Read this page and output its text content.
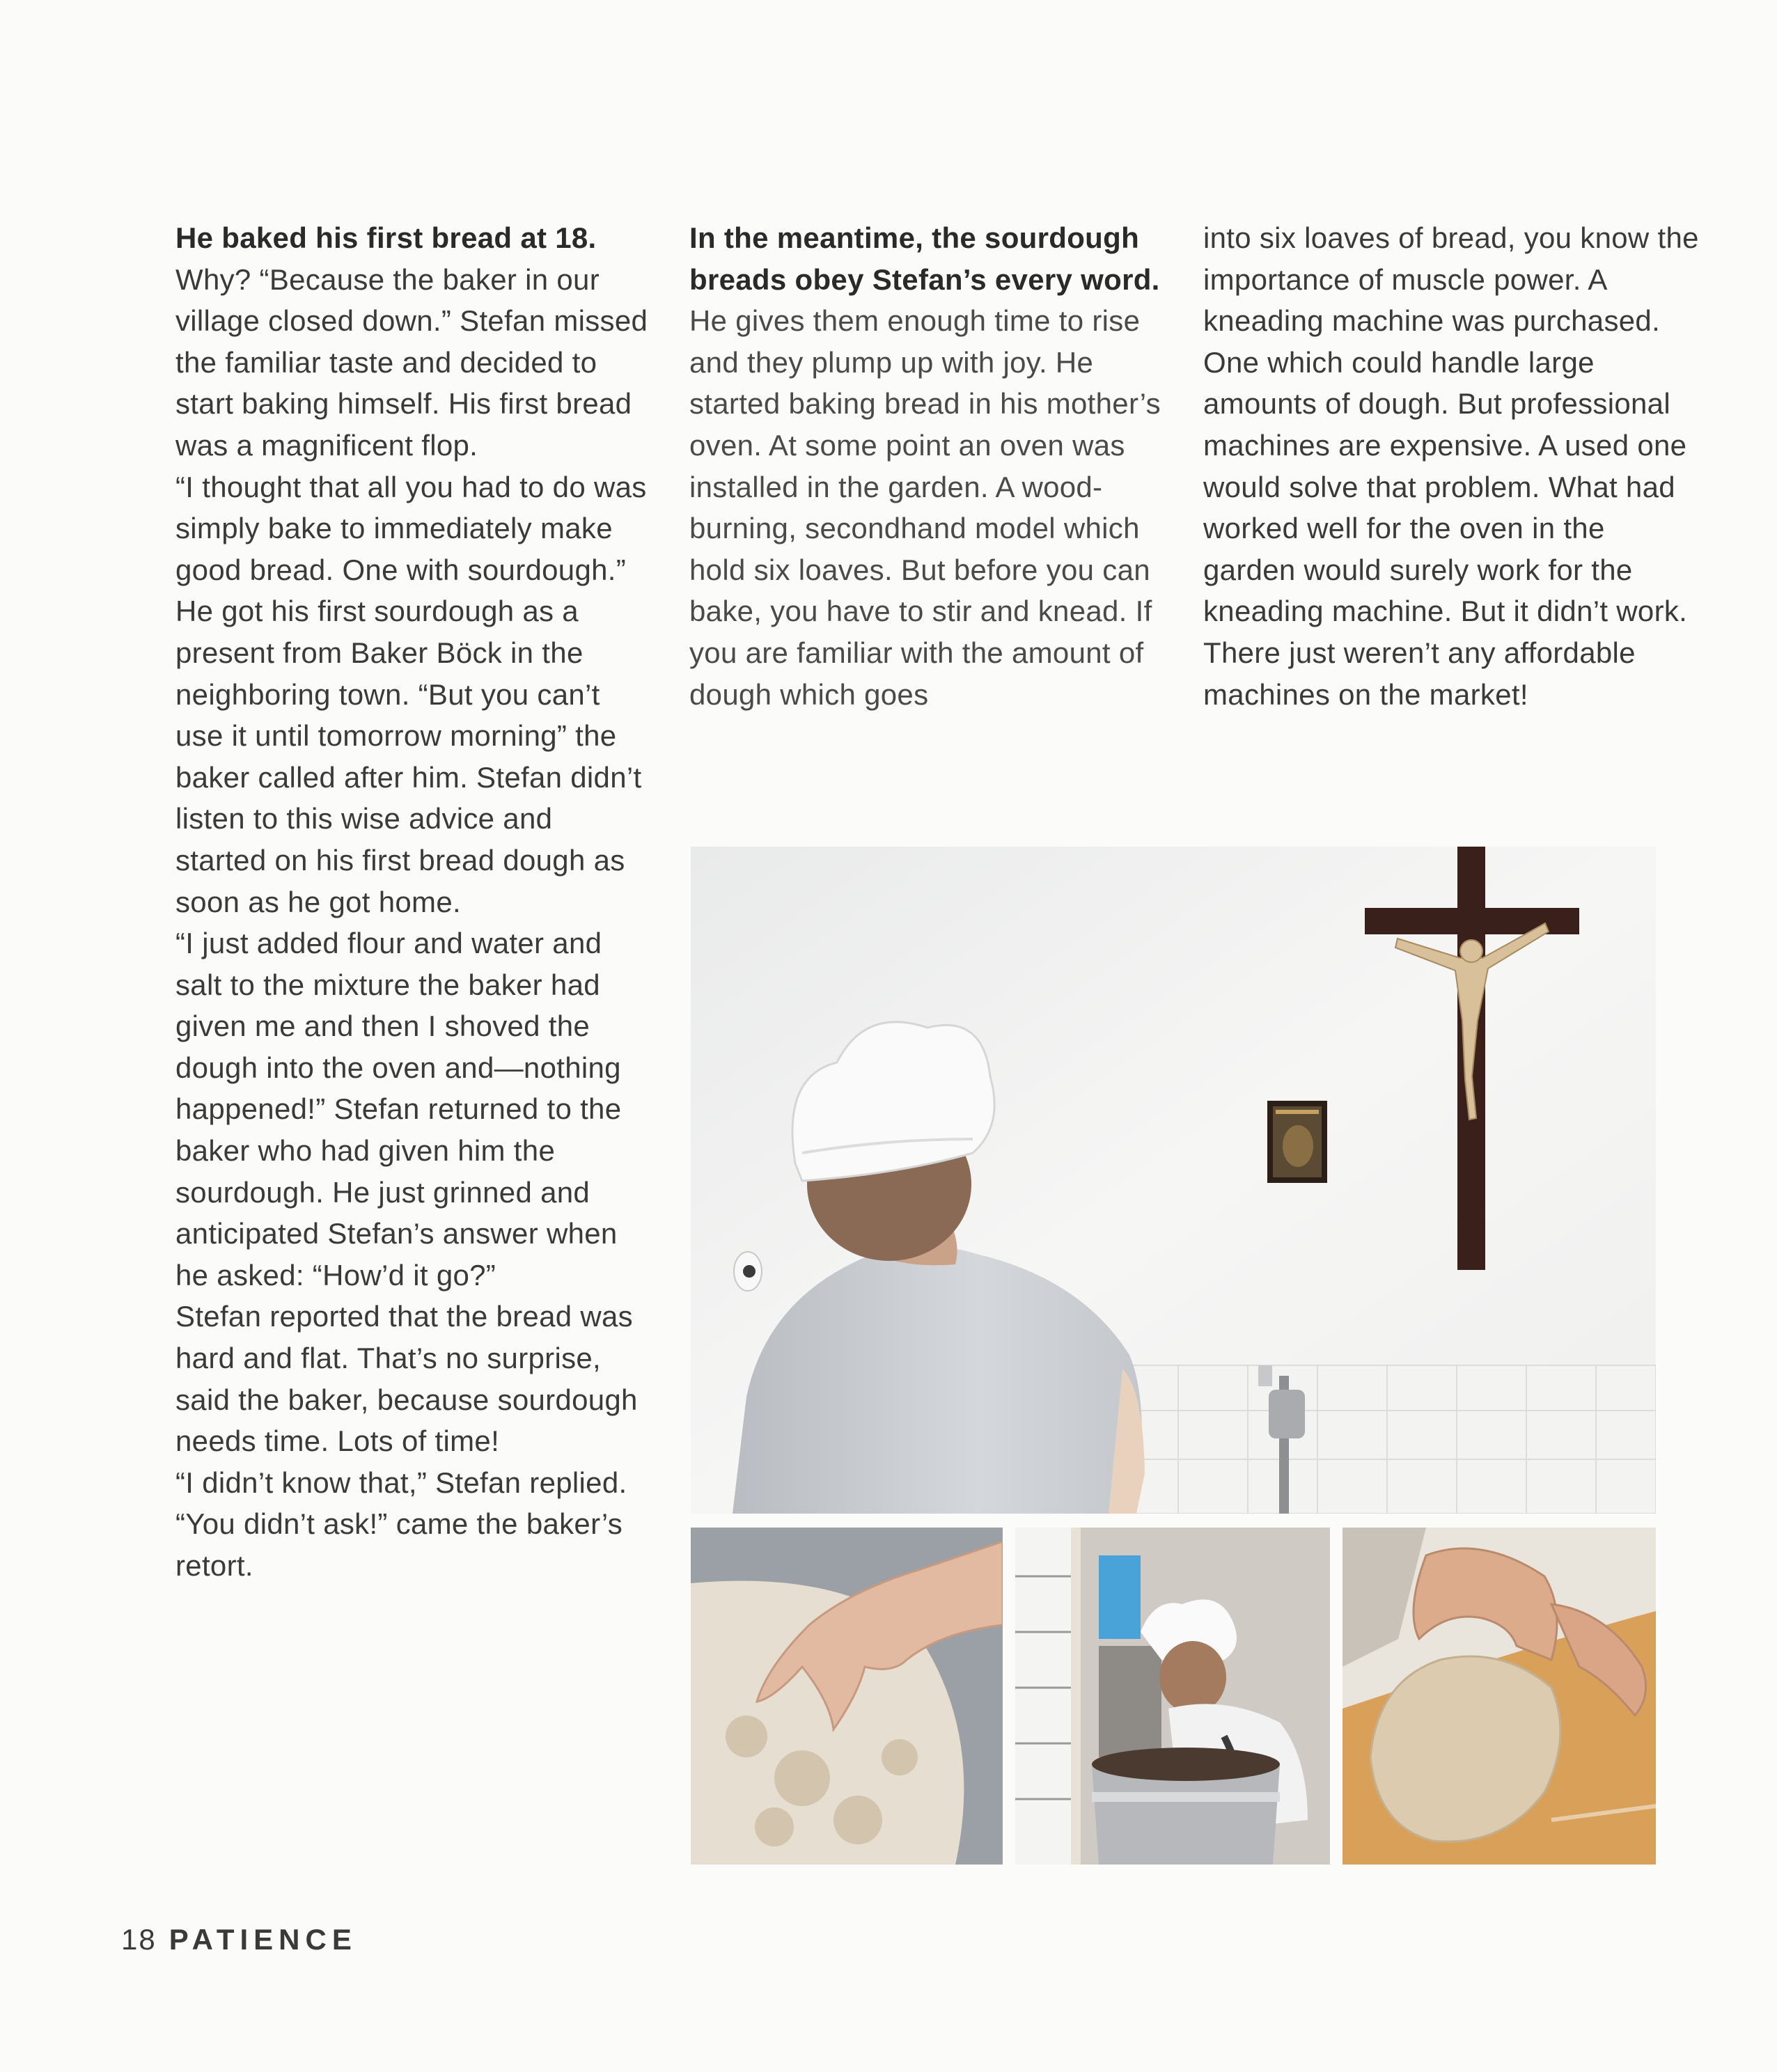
He baked his first bread at 18.

Why? “Because the baker in our village closed down.” Stefan missed the familiar taste and decided to start baking himself. His first bread was a magnificent flop.

“I thought that all you had to do was simply bake to immediately make good bread. One with sourdough.”

He got his first sourdough as a present from Baker Böck in the neighboring town. “But you can’t use it until tomorrow morning” the baker called after him. Stefan didn’t listen to this wise advice and started on his first bread dough as soon as he got home.

“I just added flour and water and salt to the mixture the baker had given me and then I shoved the dough into the oven and—nothing happened!” Stefan returned to the baker who had given him the sourdough. He just grinned and anticipated Stefan’s answer when he asked: “How’d it go?”

Stefan reported that the bread was hard and flat. That’s no surprise, said the baker, because sourdough needs time. Lots of time!

“I didn’t know that,” Stefan replied.

“You didn’t ask!” came the baker’s retort.

In the meantime, the sourdough breads obey Stefan’s every word.

He gives them enough time to rise and they plump up with joy. He started baking bread in his mother’s oven. At some point an oven was installed in the garden. A wood-burning, secondhand model which hold six loaves. But before you can bake, you have to stir and knead. If you are familiar with the amount of dough which goes

into six loaves of bread, you know the importance of muscle power. A kneading machine was purchased. One which could handle large amounts of dough. But professional machines are expensive. A used one would solve that problem. What had worked well for the oven in the garden would surely work for the kneading machine. But it didn’t work. There just weren’t any affordable machines on the market!

18 PATIENCE
